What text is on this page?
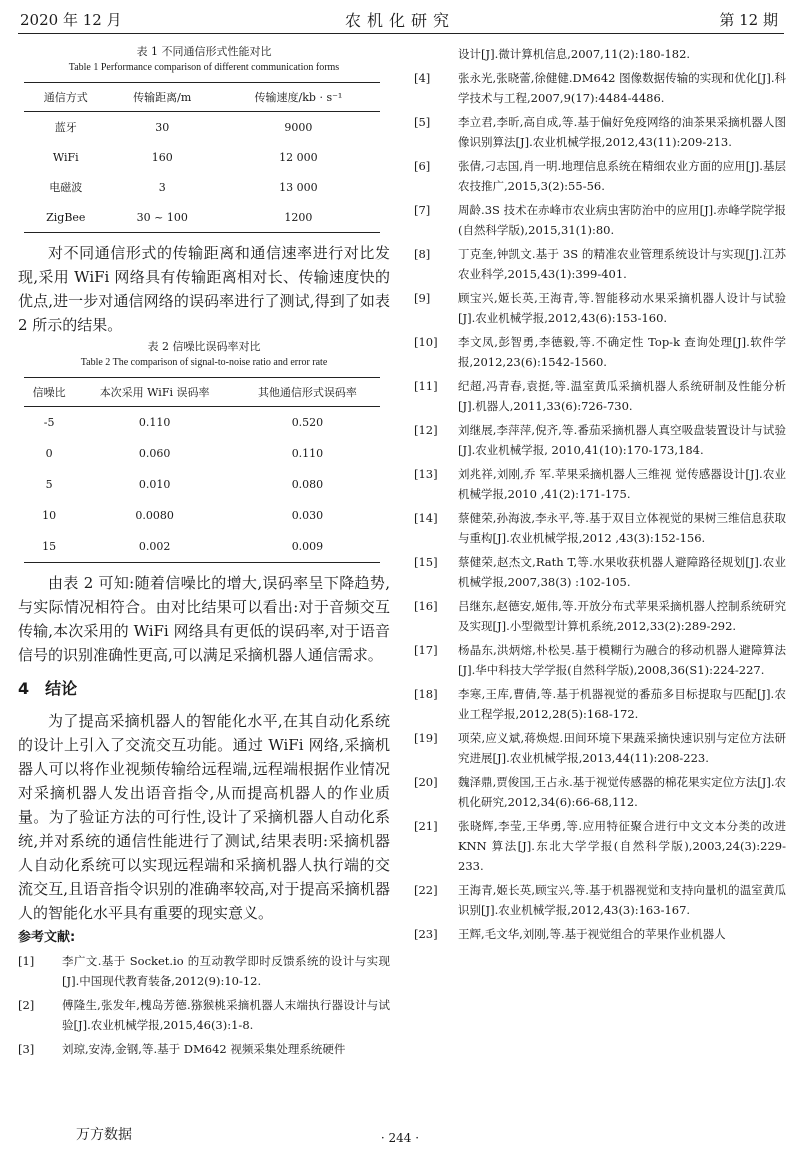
2020 年 12 月	农机化研究	第 12 期

表 1 不同通信形式性能对比

Table 1 Performance comparison of different communication forms

通信方式	传输距离/m	传输速度/kb · s⁻¹
蓝牙	30	9000
WiFi	160	12 000
电磁波	3	13 000
ZigBee	30 ~ 100	1200

对不同通信形式的传输距离和通信速率进行对比发现,采用 WiFi 网络具有传输距离相对长、传输速度快的优点,进一步对通信网络的误码率进行了测试,得到了如表 2 所示的结果。

表 2 信噪比误码率对比

Table 2 The comparison of signal-to-noise ratio and error rate

信噪比	本次采用 WiFi 误码率	其他通信形式误码率
-5	0.110	0.520
0	0.060	0.110
5	0.010	0.080
10	0.0080	0.030
15	0.002	0.009

由表 2 可知:随着信噪比的增大,误码率呈下降趋势,与实际情况相符合。由对比结果可以看出:对于音频交互传输,本次采用的 WiFi 网络具有更低的误码率,对于语音信号的识别准确性更高,可以满足采摘机器人通信需求。

4 结论

为了提高采摘机器人的智能化水平,在其自动化系统的设计上引入了交流交互功能。通过 WiFi 网络,采摘机器人可以将作业视频传输给远程端,远程端根据作业情况对采摘机器人发出语音指令,从而提高机器人的作业质量。为了验证方法的可行性,设计了采摘机器人自动化系统,并对系统的通信性能进行了测试,结果表明:采摘机器人自动化系统可以实现远程端和采摘机器人执行端的交流交互,且语音指令识别的准确率较高,对于提高采摘机器人的智能化水平具有重要的现实意义。

参考文献:

[1]	李广文.基于 Socket.io 的互动教学即时反馈系统的设计与实现[J].中国现代教育装备,2012(9):10-12.

[2]	傅隆生,张发年,槐岛芳德.猕猴桃采摘机器人末端执行器设计与试验[J].农业机械学报,2015,46(3):1-8.

[3]	刘琼,安涛,金钢,等.基于 DM642 视频采集处理系统硬件

设计[J].微计算机信息,2007,11(2):180-182.

[4]	张永光,张晓蕾,徐健健.DM642 图像数据传输的实现和优化[J].科学技术与工程,2007,9(17):4484-4486.

[5]	李立君,李昕,高自成,等.基于偏好免疫网络的油茶果采摘机器人图像识别算法[J].农业机械学报,2012,43(11):209-213.

[6]	张倩,刁志国,肖一明.地理信息系统在精细农业方面的应用[J].基层农技推广,2015,3(2):55-56.

[7]	周龄.3S 技术在赤峰市农业病虫害防治中的应用[J].赤峰学院学报(自然科学版),2015,31(1):80.

[8]	丁克奎,钟凯文.基于 3S 的精准农业管理系统设计与实现[J].江苏农业科学,2015,43(1):399-401.

[9]	顾宝兴,姬长英,王海青,等.智能移动水果采摘机器人设计与试验[J].农业机械学报,2012,43(6):153-160.

[10]	李文凤,彭智勇,李德毅,等.不确定性 Top-k 查询处理[J].软件学报,2012,23(6):1542-1560.

[11]	纪超,冯青春,袁挺,等.温室黄瓜采摘机器人系统研制及性能分析[J].机器人,2011,33(6):726-730.

[12]	刘继展,李萍萍,倪齐,等.番茄采摘机器人真空吸盘装置设计与试验[J].农业机械学报, 2010,41(10):170-173,184.

[13]	刘兆祥,刘刚,乔 军.苹果采摘机器人三维视 觉传感器设计[J].农业机械学报,2010 ,41(2):171-175.

[14]	蔡健荣,孙海波,李永平,等.基于双目立体视觉的果树三维信息获取与重构[J].农业机械学报,2012 ,43(3):152-156.

[15]	蔡健荣,赵杰文,Rath T,等.水果收获机器人避障路径规划[J].农业机械学报,2007,38(3) :102-105.

[16]	吕继东,赵德安,姬伟,等.开放分布式苹果采摘机器人控制系统研究及实现[J].小型微型计算机系统,2012,33(2):289-292.

[17]	杨晶东,洪炳熔,朴松昊.基于模糊行为融合的移动机器人避障算法[J].华中科技大学学报(自然科学版),2008,36(S1):224-227.

[18]	李寒,王库,曹倩,等.基于机器视觉的番茄多目标提取与匹配[J].农业工程学报,2012,28(5):168-172.

[19]	项荣,应义斌,蒋焕煜.田间环境下果蔬采摘快速识别与定位方法研究进展[J].农业机械学报,2013,44(11):208-223.

[20]	魏泽鼎,贾俊国,王占永.基于视觉传感器的棉花果实定位方法[J].农机化研究,2012,34(6):66-68,112.

[21]	张晓辉,李莹,王华勇,等.应用特征聚合进行中文文本分类的改进 KNN 算法[J].东北大学学报(自然科学版),2003,24(3):229-233.

[22]	王海青,姬长英,顾宝兴,等.基于机器视觉和支持向量机的温室黄瓜识别[J].农业机械学报,2012,43(3):163-167.

[23]	王辉,毛文华,刘刚,等.基于视觉组合的苹果作业机器人

万方数据	· 244 ·
